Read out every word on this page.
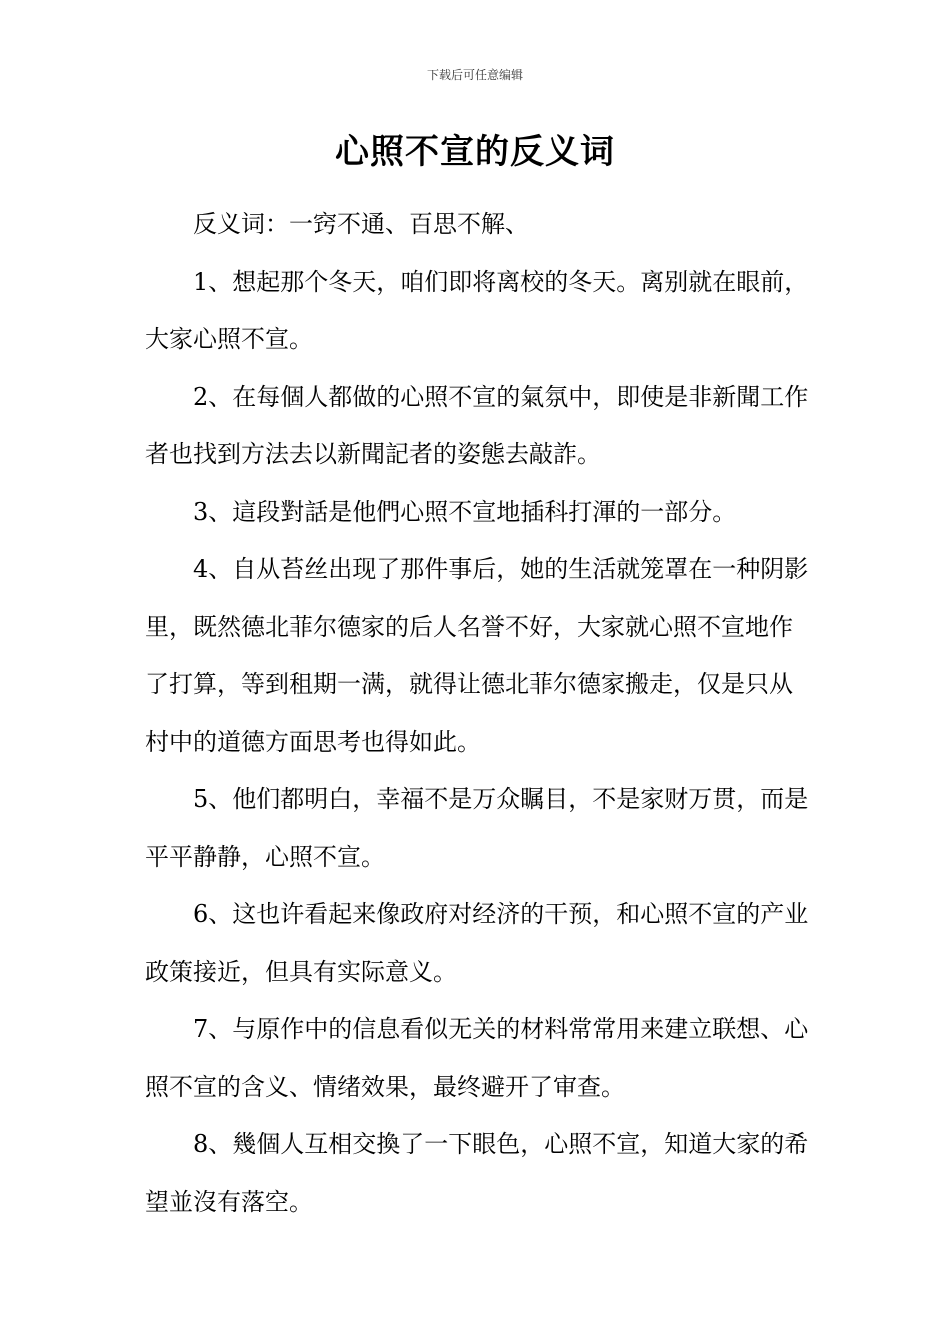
下载后可任意编辑
心照不宣的反义词

反义词：一窍不通、百思不解、

1、想起那个冬天，咱们即将离校的冬天。离别就在眼前，大家心照不宣。

2、在每個人都做的心照不宣的氣氛中，即使是非新聞工作者也找到方法去以新聞記者的姿態去敲詐。

3、這段對話是他們心照不宣地插科打渾的一部分。

4、自从苔丝出现了那件事后，她的生活就笼罩在一种阴影里，既然德北菲尔德家的后人名誉不好，大家就心照不宣地作了打算，等到租期一满，就得让德北菲尔德家搬走，仅是只从村中的道德方面思考也得如此。

5、他们都明白，幸福不是万众瞩目，不是家财万贯，而是平平静静，心照不宣。

6、这也许看起来像政府对经济的干预，和心照不宣的产业政策接近，但具有实际意义。

7、与原作中的信息看似无关的材料常常用来建立联想、心照不宣的含义、情绪效果，最终避开了审查。

8、幾個人互相交換了一下眼色，心照不宣，知道大家的希望並沒有落空。
